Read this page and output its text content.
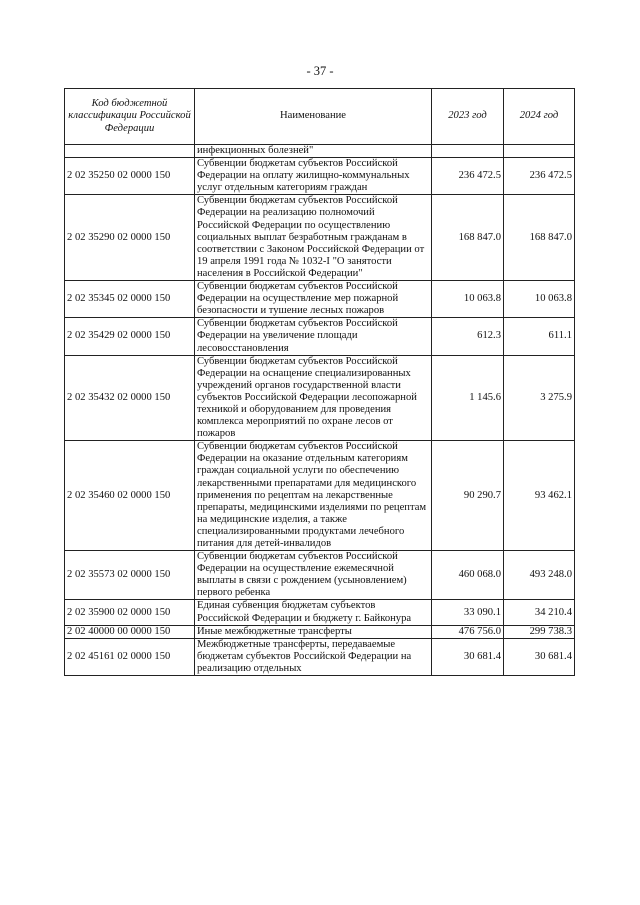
- 37 -
Код бюджетной классификации Российской Федерации	Наименование	2023 год	2024 год
	инфекционных болезней"		
2 02 35250 02 0000 150	Субвенции бюджетам субъектов Российской Федерации на оплату жилищно-коммунальных услуг отдельным категориям граждан	236 472.5	236 472.5
2 02 35290 02 0000 150	Субвенции бюджетам субъектов Российской Федерации на реализацию полномочий Российской Федерации по осуществлению социальных выплат безработным гражданам в соответствии с Законом Российской Федерации от 19 апреля 1991 года № 1032-I "О занятости населения в Российской Федерации"	168 847.0	168 847.0
2 02 35345 02 0000 150	Субвенции бюджетам субъектов Российской Федерации на осуществление мер пожарной безопасности и тушение лесных пожаров	10 063.8	10 063.8
2 02 35429 02 0000 150	Субвенции бюджетам субъектов Российской Федерации на увеличение площади лесовосстановления	612.3	611.1
2 02 35432 02 0000 150	Субвенции бюджетам субъектов Российской Федерации на оснащение специализированных учреждений органов государственной власти субъектов Российской Федерации лесопожарной техникой и оборудованием для проведения комплекса мероприятий по охране лесов от пожаров	1 145.6	3 275.9
2 02 35460 02 0000 150	Субвенции бюджетам субъектов Российской Федерации на оказание отдельным категориям граждан социальной услуги по обеспечению лекарственными препаратами для медицинского применения по рецептам на лекарственные препараты, медицинскими изделиями по рецептам на медицинские изделия, а также специализированными продуктами лечебного питания для детей-инвалидов	90 290.7	93 462.1
2 02 35573 02 0000 150	Субвенции бюджетам субъектов Российской Федерации на осуществление ежемесячной выплаты в связи с рождением (усыновлением) первого ребенка	460 068.0	493 248.0
2 02 35900 02 0000 150	Единая субвенция бюджетам субъектов Российской Федерации и бюджету г. Байконура	33 090.1	34 210.4
2 02 40000 00 0000 150	Иные межбюджетные трансферты	476 756.0	299 738.3
2 02 45161 02 0000 150	Межбюджетные трансферты, передаваемые бюджетам субъектов Российской Федерации на реализацию отдельных	30 681.4	30 681.4
